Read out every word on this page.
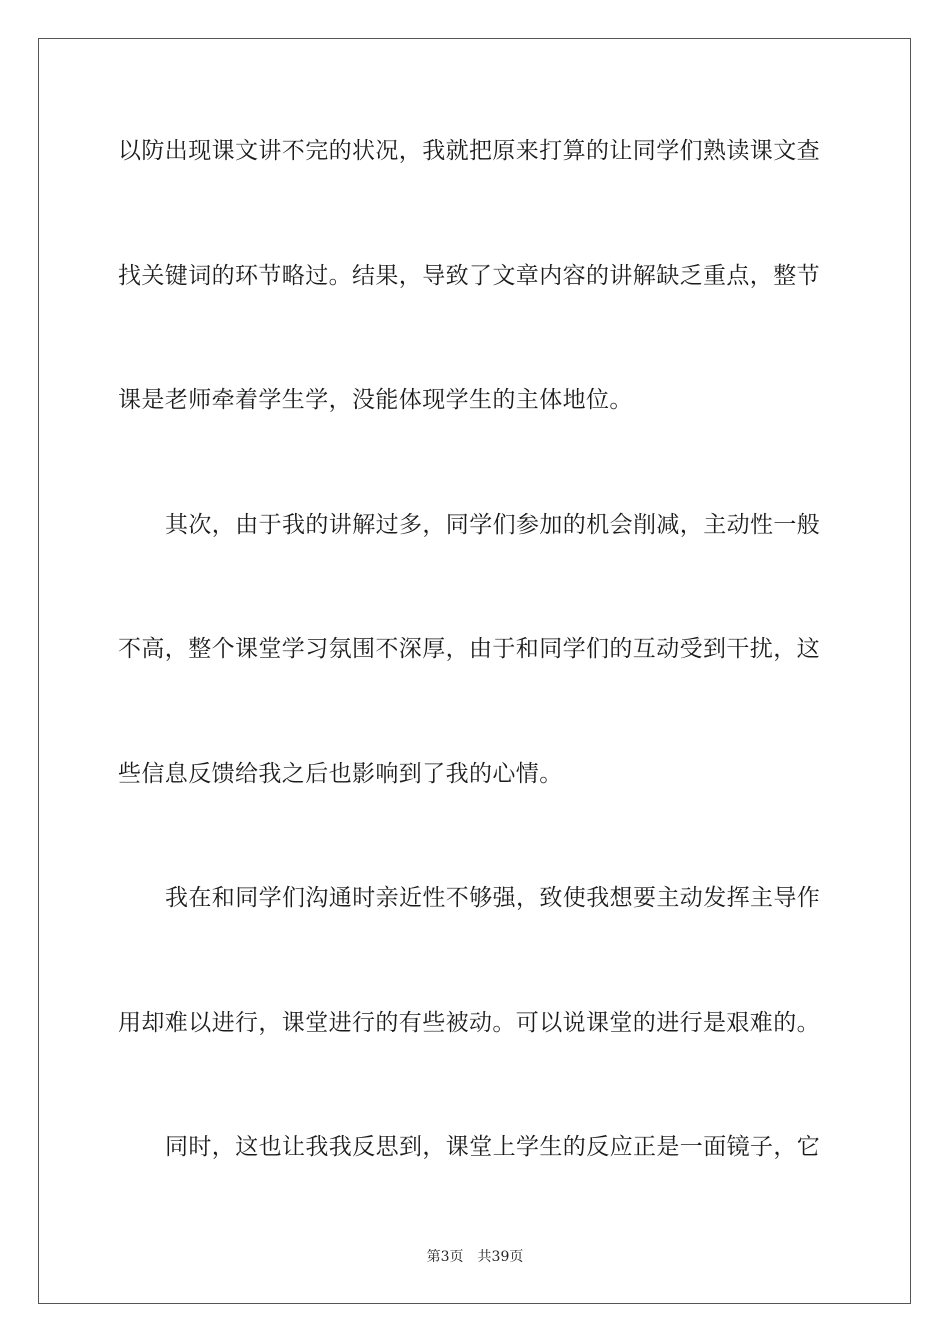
以防出现课文讲不完的状况，我就把原来打算的让同学们熟读课文查
找关键词的环节略过。结果，导致了文章内容的讲解缺乏重点，整节
课是老师牵着学生学，没能体现学生的主体地位。
其次，由于我的讲解过多，同学们参加的机会削减，主动性一般
不高，整个课堂学习氛围不深厚，由于和同学们的互动受到干扰，这
些信息反馈给我之后也影响到了我的心情。
我在和同学们沟通时亲近性不够强，致使我想要主动发挥主导作
用却难以进行，课堂进行的有些被动。可以说课堂的进行是艰难的。
同时，这也让我我反思到，课堂上学生的反应正是一面镜子，它
第3页 共39页
